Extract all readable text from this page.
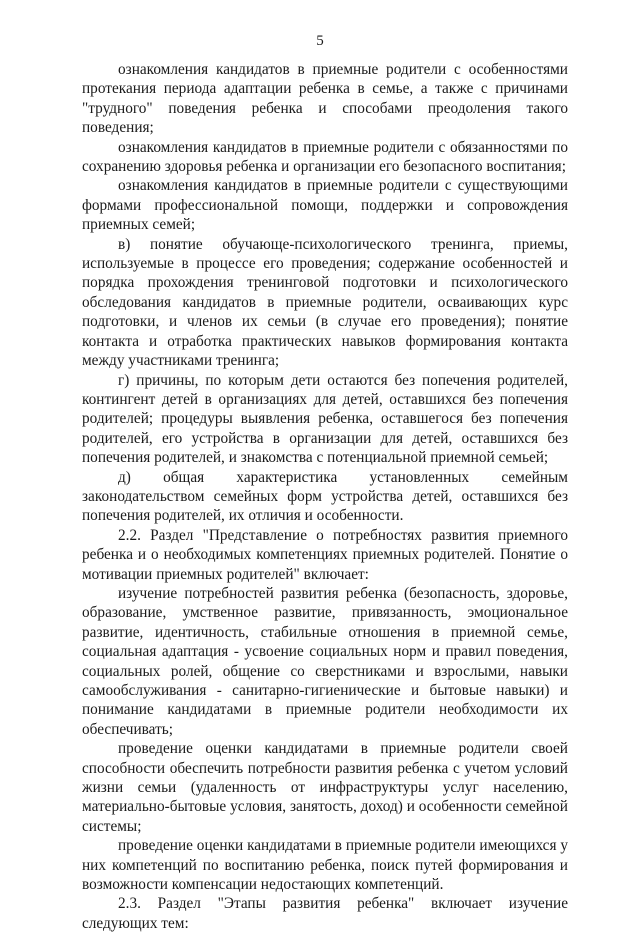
5

ознакомления кандидатов в приемные родители с особенностями протекания периода адаптации ребенка в семье, а также с причинами "трудного" поведения ребенка и способами преодоления такого поведения;

ознакомления кандидатов в приемные родители с обязанностями по сохранению здоровья ребенка и организации его безопасного воспитания;

ознакомления кандидатов в приемные родители с существующими формами профессиональной помощи, поддержки и сопровождения приемных семей;

в) понятие обучающе-психологического тренинга, приемы, используемые в процессе его проведения; содержание особенностей и порядка прохождения тренинговой подготовки и психологического обследования кандидатов в приемные родители, осваивающих курс подготовки, и членов их семьи (в случае его проведения); понятие контакта и отработка практических навыков формирования контакта между участниками тренинга;

г) причины, по которым дети остаются без попечения родителей, контингент детей в организациях для детей, оставшихся без попечения родителей; процедуры выявления ребенка, оставшегося без попечения родителей, его устройства в организации для детей, оставшихся без попечения родителей, и знакомства с потенциальной приемной семьей;

д) общая характеристика установленных семейным законодательством семейных форм устройства детей, оставшихся без попечения родителей, их отличия и особенности.

2.2. Раздел "Представление о потребностях развития приемного ребенка и о необходимых компетенциях приемных родителей. Понятие о мотивации приемных родителей" включает:

изучение потребностей развития ребенка (безопасность, здоровье, образование, умственное развитие, привязанность, эмоциональное развитие, идентичность, стабильные отношения в приемной семье, социальная адаптация - усвоение социальных норм и правил поведения, социальных ролей, общение со сверстниками и взрослыми, навыки самообслуживания - санитарно-гигиенические и бытовые навыки) и понимание кандидатами в приемные родители необходимости их обеспечивать;

проведение оценки кандидатами в приемные родители своей способности обеспечить потребности развития ребенка с учетом условий жизни семьи (удаленность от инфраструктуры услуг населению, материально-бытовые условия, занятость, доход) и особенности семейной системы;

проведение оценки кандидатами в приемные родители имеющихся у них компетенций по воспитанию ребенка, поиск путей формирования и возможности компенсации недостающих компетенций.

2.3. Раздел "Этапы развития ребенка" включает изучение следующих тем:
